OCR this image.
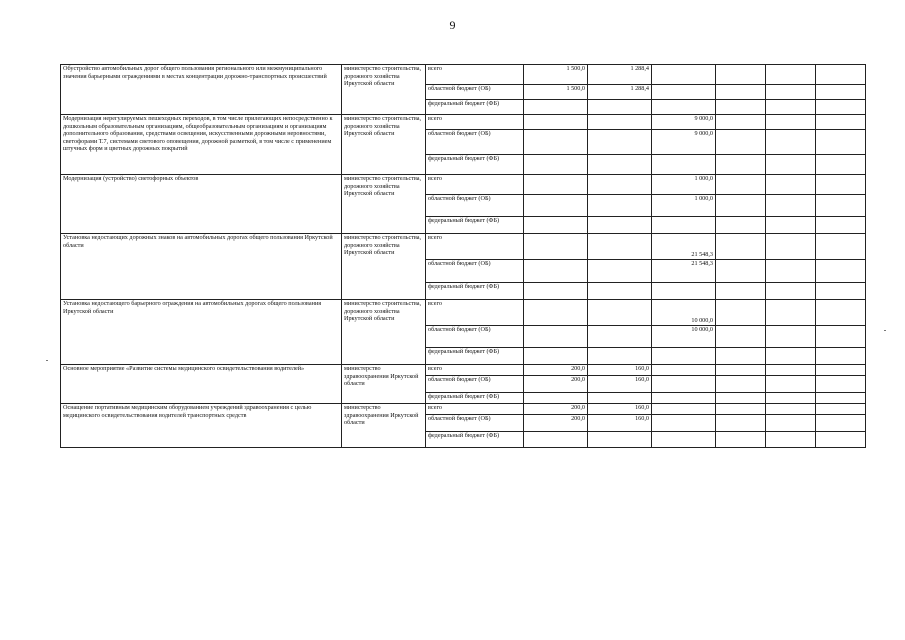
9
Обустройство автомобильных дорог общего пользования регионального или межмуниципального значения барьерными ограждениями в местах концентрации дорожно-транспортных происшествий	министерство строительства, дорожного хозяйства Иркутской области	всего	1 500,0	1 288,4				
		областной бюджет (ОБ)	1 500,0	1 288,4				
		федеральный бюджет (ФБ)						
Модернизация нерегулируемых пешеходных переходов, в том числе прилегающих непосредственно к дошкольным образовательным организациям, общеобразовательным организациям и организациям дополнительного образования, средствами освещения, искусственными дорожными неровностями, светофорами Т.7, системами светового оповещения, дорожной разметкой, в том числе с применением штучных форм и цветных дорожных покрытий	министерство строительства, дорожного хозяйства Иркутской области	всего			9 000,0			
		областной бюджет (ОБ)			9 000,0			
		федеральный бюджет (ФБ)						
Модернизация (устройство) светофорных объектов	министерство строительства, дорожного хозяйства Иркутской области	всего			1 000,0			
		областной бюджет (ОБ)			1 000,0			
		федеральный бюджет (ФБ)						
Установка недостающих дорожных знаков на автомобильных дорогах общего пользования Иркутской области	министерство строительства, дорожного хозяйства Иркутской области	всего			21 548,3			
		областной бюджет (ОБ)			21 548,3			
		федеральный бюджет (ФБ)						
Установка недостающего барьерного ограждения на автомобильных дорогах общего пользования Иркутской области	министерство строительства, дорожного хозяйства Иркутской области	всего			10 000,0			
		областной бюджет (ОБ)			10 000,0			
		федеральный бюджет (ФБ)						
Основное мероприятие «Развитие системы медицинского освидетельствования водителей»	министерство здравоохранения Иркутской области	всего	200,0	160,0				
		областной бюджет (ОБ)	200,0	160,0				
		федеральный бюджет (ФБ)						
Оснащение портативным медицинским оборудованием учреждений здравоохранения с целью медицинского освидетельствования водителей транспортных средств	министерство здравоохранения Иркутской области	всего	200,0	160,0				
		областной бюджет (ОБ)	200,0	160,0				
		федеральный бюджет (ФБ)						
